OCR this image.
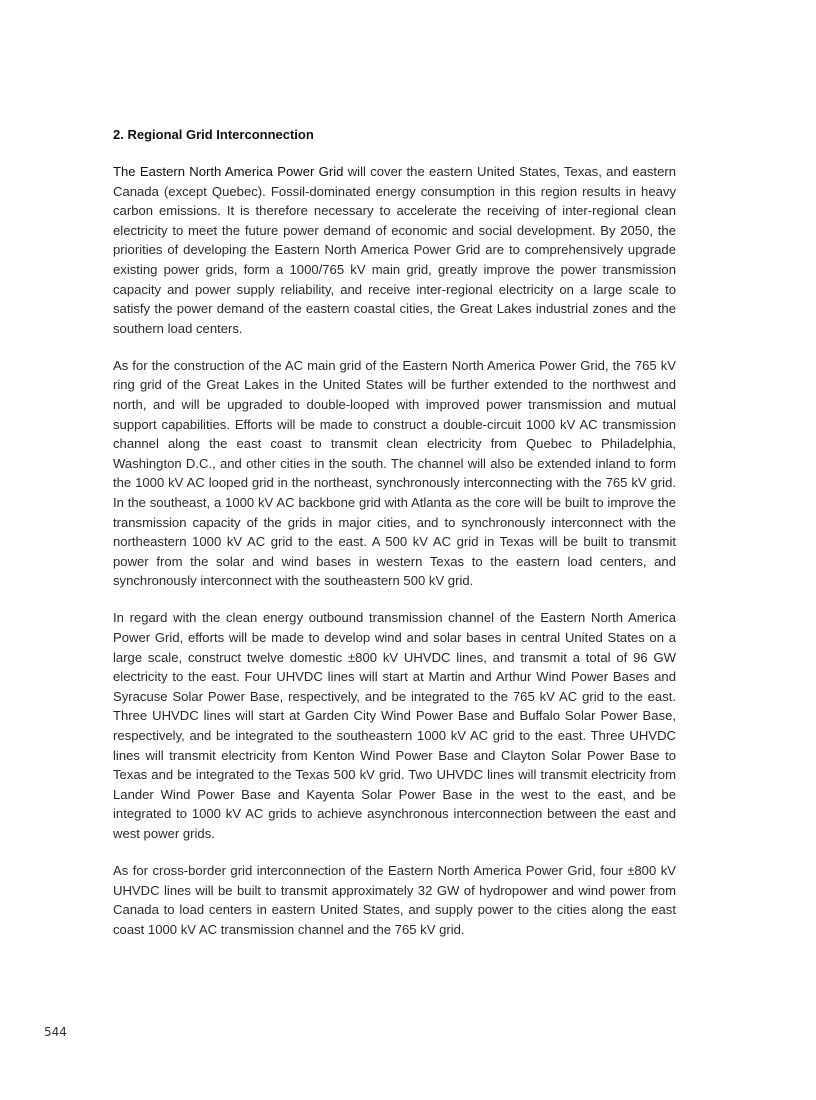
2. Regional Grid Interconnection

The Eastern North America Power Grid will cover the eastern United States, Texas, and eastern Canada (except Quebec). Fossil-dominated energy consumption in this region results in heavy carbon emissions. It is therefore necessary to accelerate the receiving of inter-regional clean electricity to meet the future power demand of economic and social development. By 2050, the priorities of developing the Eastern North America Power Grid are to comprehensively upgrade existing power grids, form a 1000/765 kV main grid, greatly improve the power transmission capacity and power supply reliability, and receive inter-regional electricity on a large scale to satisfy the power demand of the eastern coastal cities, the Great Lakes industrial zones and the southern load centers.

As for the construction of the AC main grid of the Eastern North America Power Grid, the 765 kV ring grid of the Great Lakes in the United States will be further extended to the northwest and north, and will be upgraded to double-looped with improved power transmission and mutual support capabilities. Efforts will be made to construct a double-circuit 1000 kV AC transmission channel along the east coast to transmit clean electricity from Quebec to Philadelphia, Washington D.C., and other cities in the south. The channel will also be extended inland to form the 1000 kV AC looped grid in the northeast, synchronously interconnecting with the 765 kV grid. In the southeast, a 1000 kV AC backbone grid with Atlanta as the core will be built to improve the transmission capacity of the grids in major cities, and to synchronously interconnect with the northeastern 1000 kV AC grid to the east. A 500 kV AC grid in Texas will be built to transmit power from the solar and wind bases in western Texas to the eastern load centers, and synchronously interconnect with the southeastern 500 kV grid.

In regard with the clean energy outbound transmission channel of the Eastern North America Power Grid, efforts will be made to develop wind and solar bases in central United States on a large scale, construct twelve domestic ±800 kV UHVDC lines, and transmit a total of 96 GW electricity to the east. Four UHVDC lines will start at Martin and Arthur Wind Power Bases and Syracuse Solar Power Base, respectively, and be integrated to the 765 kV AC grid to the east. Three UHVDC lines will start at Garden City Wind Power Base and Buffalo Solar Power Base, respectively, and be integrated to the southeastern 1000 kV AC grid to the east. Three UHVDC lines will transmit electricity from Kenton Wind Power Base and Clayton Solar Power Base to Texas and be integrated to the Texas 500 kV grid. Two UHVDC lines will transmit electricity from Lander Wind Power Base and Kayenta Solar Power Base in the west to the east, and be integrated to 1000 kV AC grids to achieve asynchronous interconnection between the east and west power grids.

As for cross-border grid interconnection of the Eastern North America Power Grid, four ±800 kV UHVDC lines will be built to transmit approximately 32 GW of hydropower and wind power from Canada to load centers in eastern United States, and supply power to the cities along the east coast 1000 kV AC transmission channel and the 765 kV grid.

544
